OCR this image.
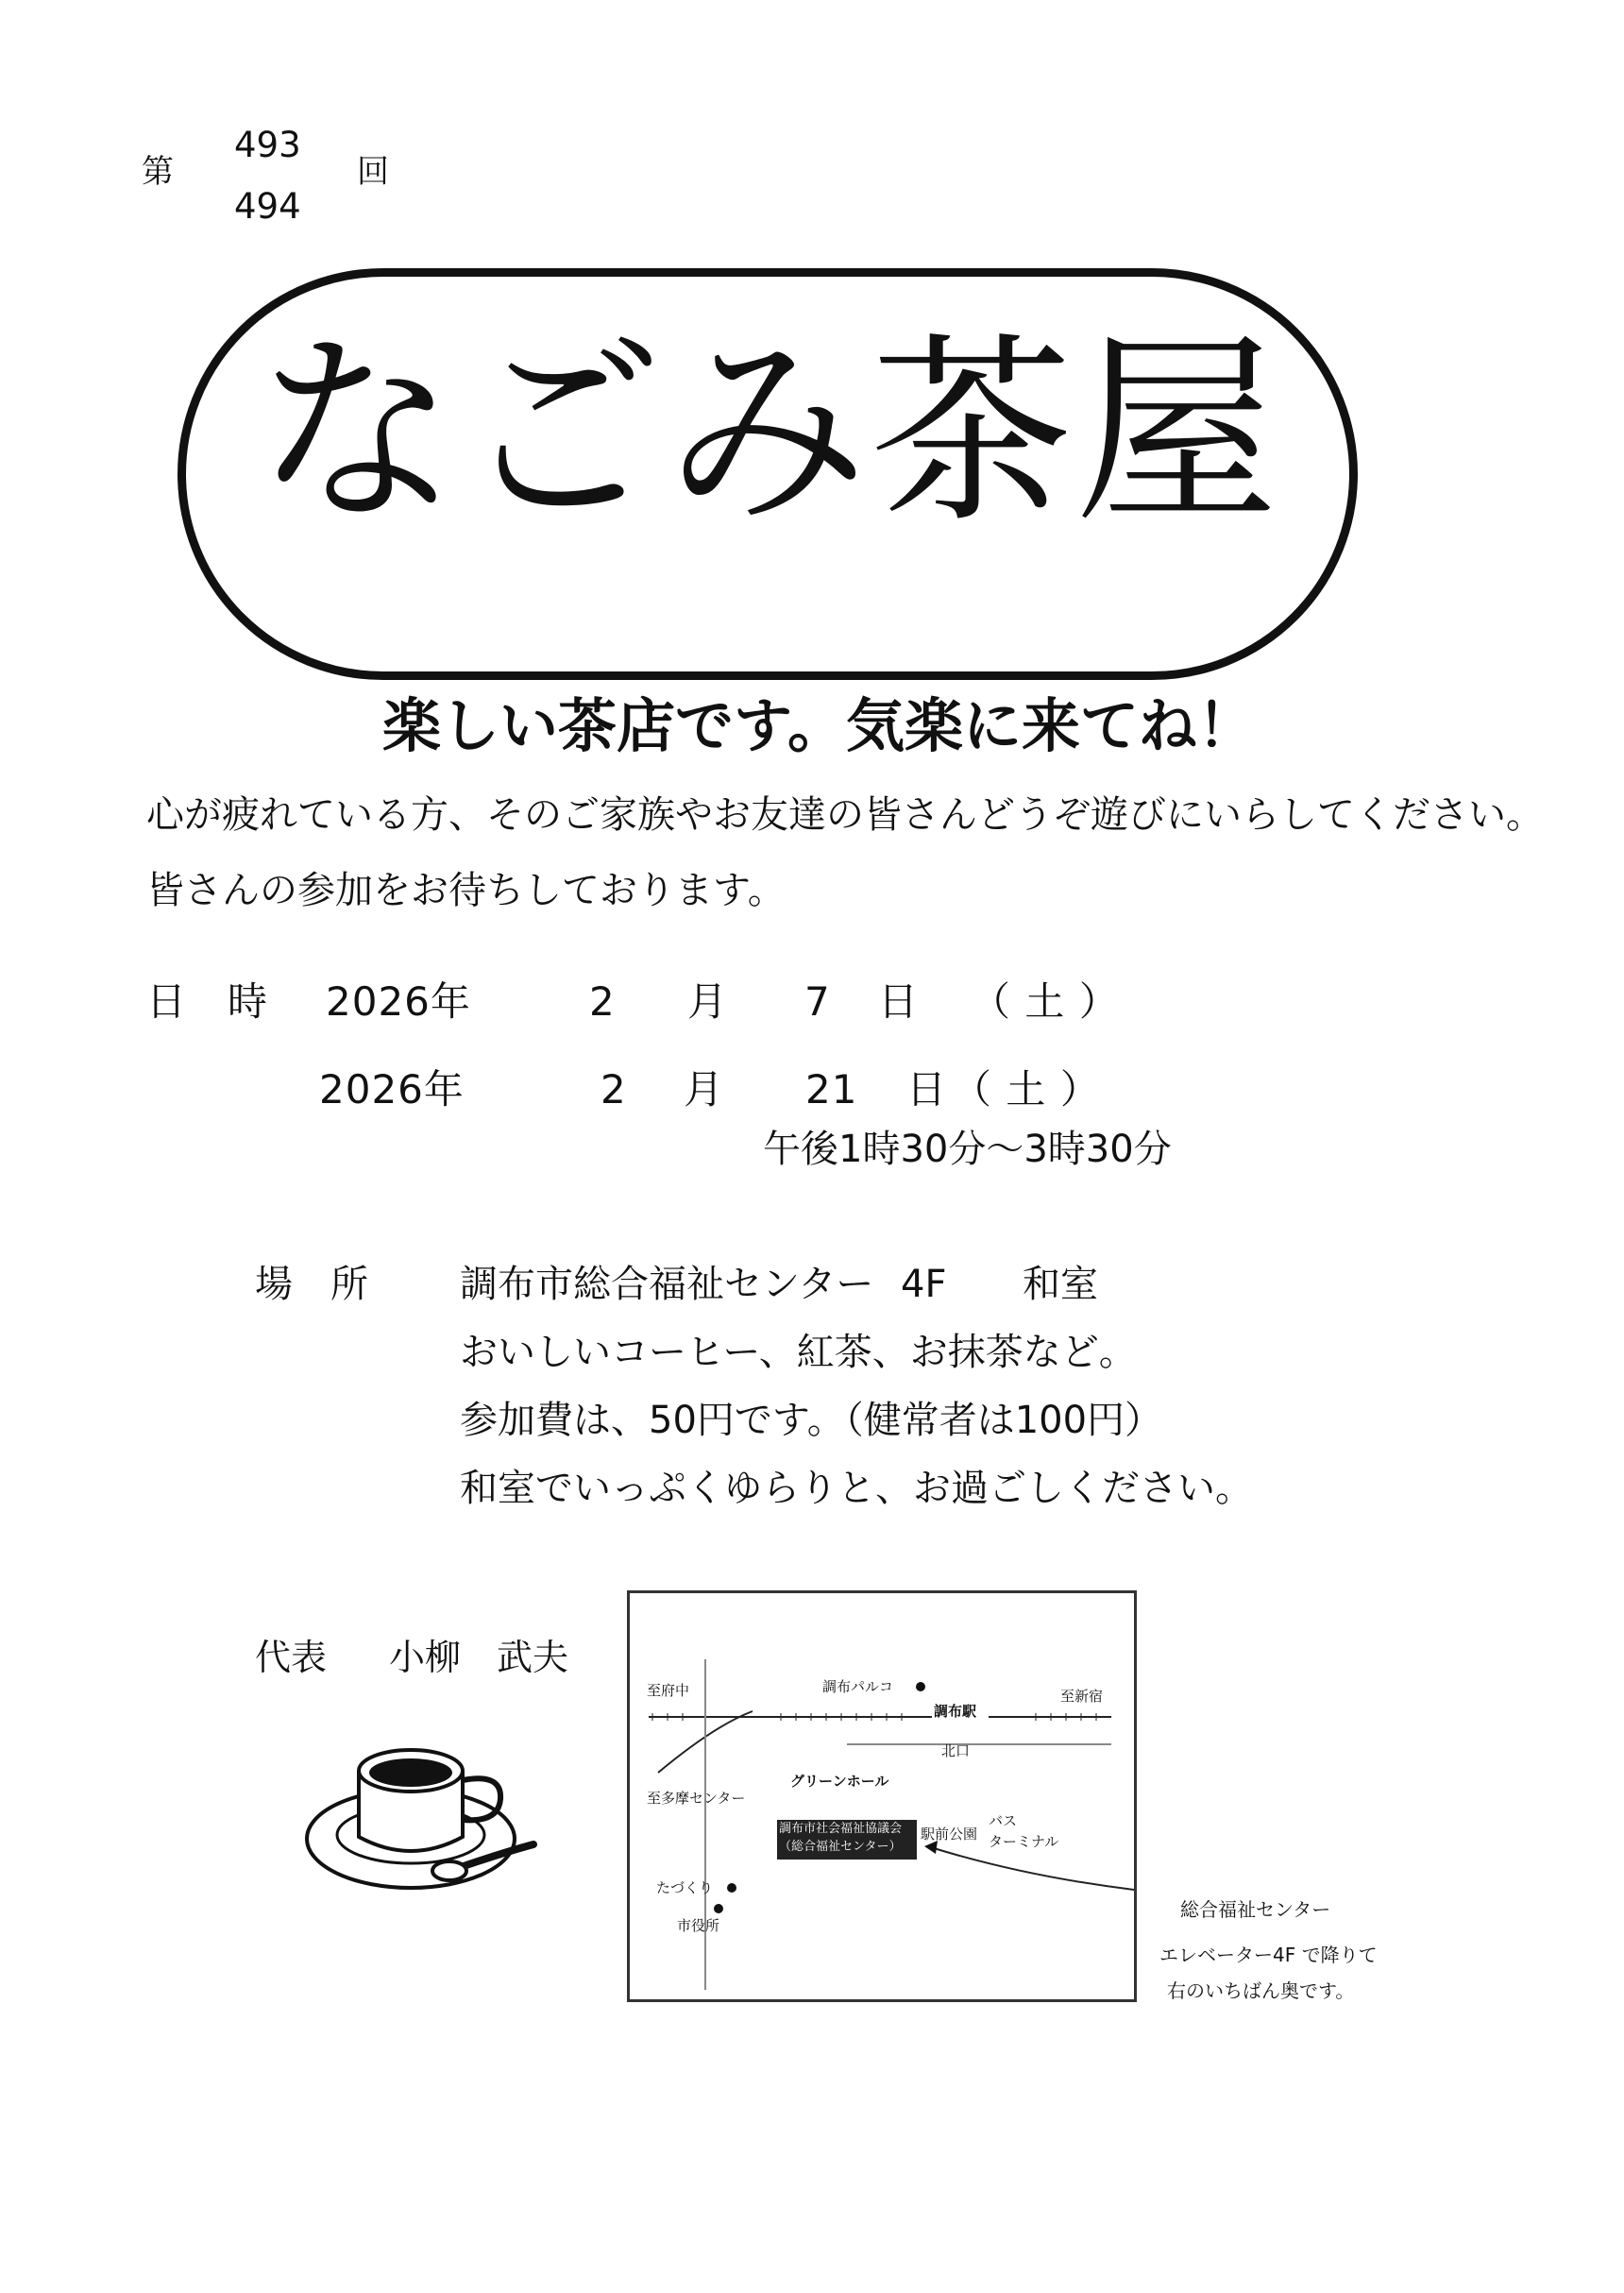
第
493
494
回
なごみ茶屋
楽しい茶店です。気楽に来てね！
心が疲れている方、そのご家族やお友達の皆さんどうぞ遊びにいらしてください。
皆さんの参加をお待ちしております。
日　時 2026年	2 月 7 日 （ 土 ）
2026年	2 月 21 日 （ 土 ）
午後1時30分～3時30分
場　所 調布市総合福祉センター 4F 和室
おいしいコーヒー、紅茶、お抹茶など。
参加費は、50円です。（健常者は100円）
和室でいっぷくゆらりと、お過ごしください。
代表 小柳　武夫
至府中	調布パルコ
調布駅
至新宿
北口
至多摩センター
グリーンホール
調布市社会福祉協議会
（総合福祉センター）
駅前公園
バス
ターミナル
たづくり
市役所
総合福祉センター
エレベーター4F で降りて
右のいちばん奥です。
